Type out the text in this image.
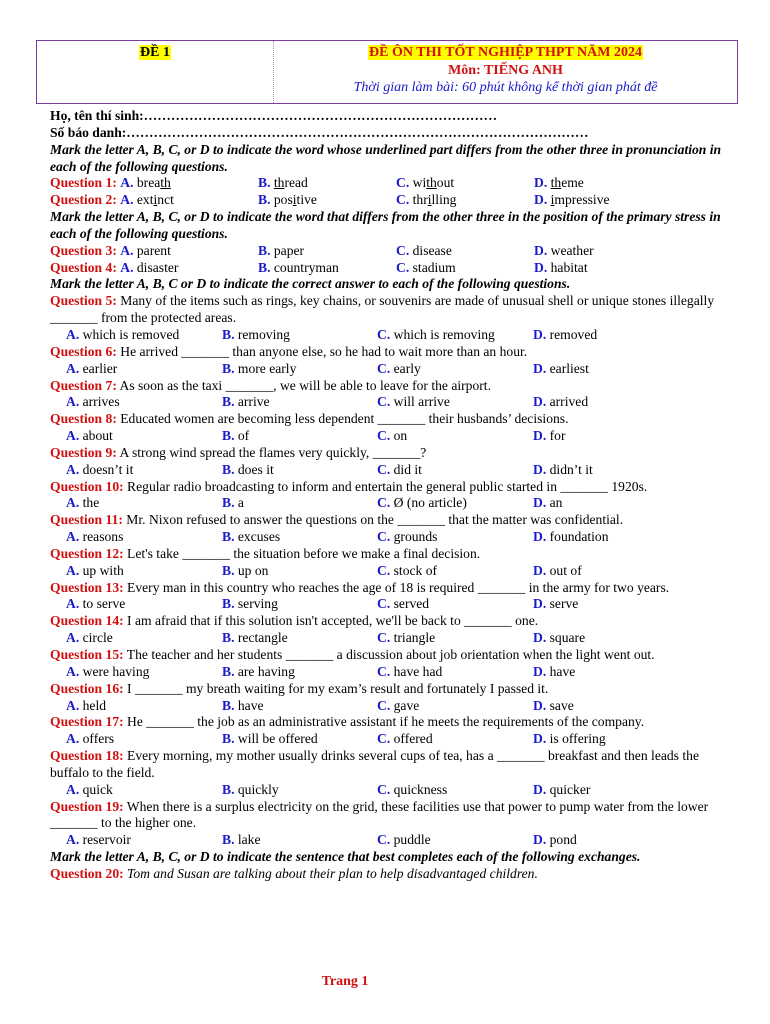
ĐỀ 1	ĐỀ ÔN THI TỐT NGHIỆP THPT NĂM 2024
Môn: TIẾNG ANH
Thời gian làm bài: 60 phút không kể thời gian phát đề
Họ, tên thí sinh:……………………………………………………………………
Số báo danh:…………………………………………………………………………………………
Mark the letter A, B, C, or D to indicate the word whose underlined part differs from the other three in pronunciation in each of the following questions.
Question 1: A. breath	B. thread	C. without	D. theme
Question 2: A. extinct	B. positive	C. thrilling	D. impressive
Mark the letter A, B, C, or D to indicate the word that differs from the other three in the position of the primary stress in each of the following questions.
Question 3: A. parent	B. paper	C. disease	D. weather
Question 4: A. disaster	B. countryman	C. stadium	D. habitat
Mark the letter A, B, C or D to indicate the correct answer to each of the following questions.
Question 5: Many of the items such as rings, key chains, or souvenirs are made of unusual shell or unique stones illegally _______ from the protected areas.
A. which is removed	B. removing	C. which is removing	D. removed
Question 6: He arrived _______ than anyone else, so he had to wait more than an hour.
A. earlier	B. more early	C. early	D. earliest
Question 7: As soon as the taxi _______, we will be able to leave for the airport.
A. arrives	B. arrive	C. will arrive	D. arrived
Question 8: Educated women are becoming less dependent _______ their husbands’ decisions.
A. about	B. of	C. on	D. for
Question 9: A strong wind spread the flames very quickly, _______?
A. doesn’t it	B. does it	C. did it	D. didn’t it
Question 10: Regular radio broadcasting to inform and entertain the general public started in _______ 1920s.
A. the	B. a	C. Ø (no article)	D. an
Question 11: Mr. Nixon refused to answer the questions on the _______ that the matter was confidential.
A. reasons	B. excuses	C. grounds	D. foundation
Question 12: Let's take _______ the situation before we make a final decision.
A. up with	B. up on	C. stock of	D. out of
Question 13: Every man in this country who reaches the age of 18 is required _______ in the army for two years.
A. to serve	B. serving	C. served	D. serve
Question 14: I am afraid that if this solution isn't accepted, we'll be back to _______ one.
A. circle	B. rectangle	C. triangle	D. square
Question 15: The teacher and her students _______ a discussion about job orientation when the light went out.
A. were having	B. are having	C. have had	D. have
Question 16: I _______ my breath waiting for my exam’s result and fortunately I passed it.
A. held	B. have	C. gave	D. save
Question 17: He _______ the job as an administrative assistant if he meets the requirements of the company.
A. offers	B. will be offered	C. offered	D. is offering
Question 18: Every morning, my mother usually drinks several cups of tea, has a _______ breakfast and then leads the buffalo to the field.
A. quick	B. quickly	C. quickness	D. quicker
Question 19: When there is a surplus electricity on the grid, these facilities use that power to pump water from the lower _______ to the higher one.
A. reservoir	B. lake	C. puddle	D. pond
Mark the letter A, B, C, or D to indicate the sentence that best completes each of the following exchanges.
Question 20: Tom and Susan are talking about their plan to help disadvantaged children.
Trang 1
